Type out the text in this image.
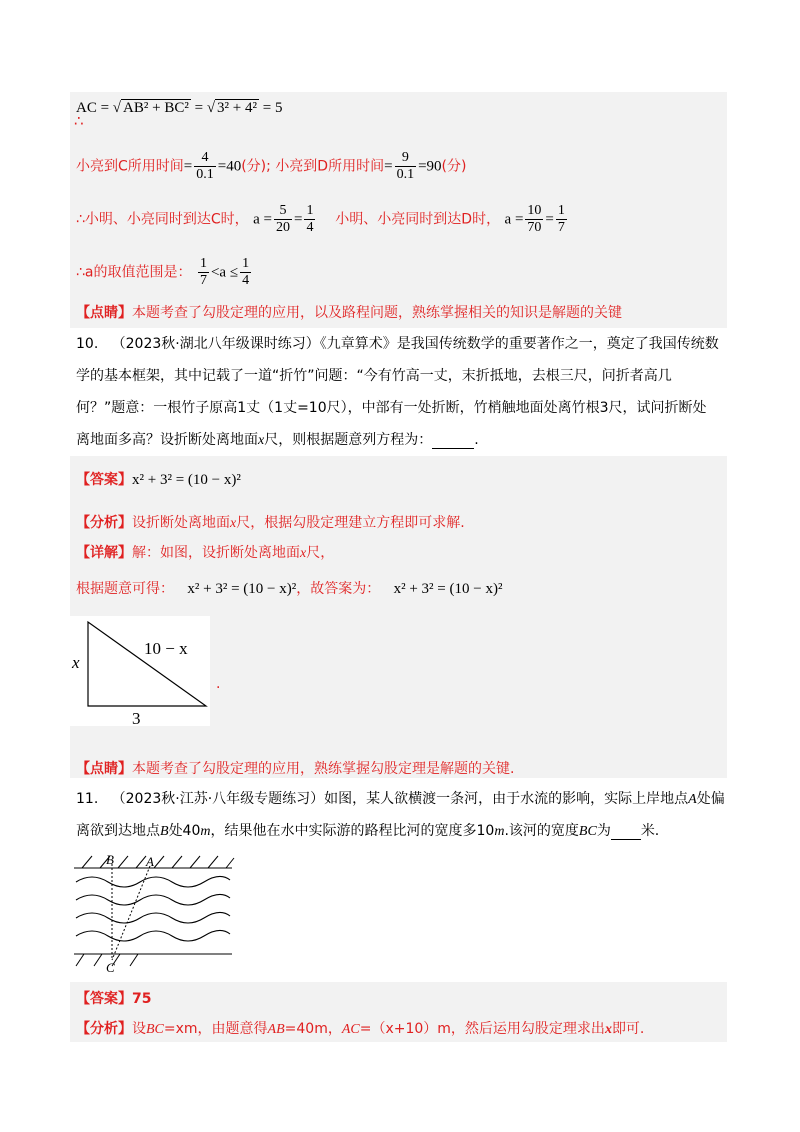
AC = √ AB² + BC² = √ 3² + 4² = 5
∴
小亮到C所用时间= $\frac{4}{0.1} =40$(分); 小亮到D所用时间= $\frac{9}{0.1} =90$(分)
∴小明、小亮同时到达C时， $a = \frac{5}{20} = \frac{1}{4}$ 小明、小亮同时到达D时， $a = \frac{10}{70} = \frac{1}{7}$
∴a的取值范围是： $\frac{1}{7} <a \le \frac{1}{4}$
【点睛】本题考查了勾股定理的应用，以及路程问题，熟练掌握相关的知识是解题的关键
10. （2023秋·湖北八年级课时练习）《九章算术》是我国传统数学的重要著作之一，奠定了我国传统数
学的基本框架，其中记载了一道“折竹”问题：“今有竹高一丈，末折抵地，去根三尺，问折者高几
何？”题意：一根竹子原高1丈（1丈=10尺），中部有一处折断，竹梢触地面处离竹根3尺，试问折断处
离地面多高？设折断处离地面x尺，则根据题意列方程为：	.
【答案】x² + 3² = (10 − x)²
【分析】设折断处离地面x尺，根据勾股定理建立方程即可求解.
【详解】解：如图，设折断处离地面x尺，
根据题意可得： x² + 3² = (10 − x)²，故答案为： x² + 3² = (10 − x)²
x
10 − x
3
.
【点睛】本题考查了勾股定理的应用，熟练掌握勾股定理是解题的关键.
11. （2023秋·江苏·八年级专题练习）如图，某人欲横渡一条河，由于水流的影响，实际上岸地点A处偏
离欲到达地点B处40m，结果他在水中实际游的路程比河的宽度多10m.该河的宽度BC为 米.
B A
C
【答案】75
【分析】设BC=xm，由题意得AB=40m，AC=（x+10）m，然后运用勾股定理求出x即可.
